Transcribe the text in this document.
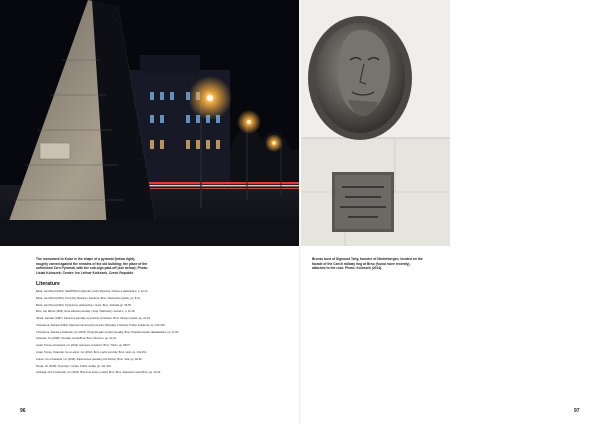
The monument to Kolar in the shape of a pyramid (below right), roughly carved against the remains of the old building; the place of the unfinished Zero Pyramid, with the sub-sign paid-off (see below); Photo: Lisiak Koleszek; Center: Ivo Leitner Koleszek, Czech Republic
Bronze bust of Sigmund Tahy, founder of Niederbergen, located on the facade of the Czech railway ring at Brno (found more recently), attached to the rock. Photo: Koleszek (2014).
Literature

Barta, Jan Mirosl (1924). Nastiff Bronzi (Zpevak z knihy Bystrice). Kultura a vlastiveda 2, p. 12-14.

Barta, Jan Mirosl (1932). Pomnicky Bystrice v literature. Brno: Vlastivedny spolek, pp. 8-15.

Barta, Jan Mirosl (1934). Pyramid ve vlastivednym zivote. Brno, Zahrada pp. 56-59.

Brno, Jan Mirosl (1939). Nove Zdenke pamatky v kraji. Vlastivedny vestnik 1, p. 12-18.

Hlinek, Jaroslav (1987). Kamenne pamatky a pyramidy na Morave. Brno: Muzejni spolek, pp. 24-31.

Charvatova, Zdenka (1994). Tajemstvi kamennych pomniku (Pamatky a historie). Praha: Academia, pp. 103-108.

Charvatova, Zdenka a Koleszek, Ivo (2003). Pyramida jako symbol pamatky. Brno: Stredoevropske nakladatelstvi, pp. 41-52.

Koleszek, Ivo (2008). Pamatky mesta Brna. Brno: Muzeum, pp. 12-19.

Lisiak, Tomas a Koleszek, Ivo (2011). Kamenne svedectvi. Brno: Tribun, pp. 88-97.

Lisiak, Tomas, Koleszek, Ivo a Leitner, Ivo (2014). Brno a jeho pomniky. Brno: Host, pp. 144-151.

Leitner, Ivo a Koleszek, Ivo (2016). Zapomenute pamatky jizni Moravy. Brno: Jota, pp. 60-66.

Novak, Jiri (2018). Pyramidy v Cesku. Praha: Grada, pp. 211-219.

Svoboda, Petr a Koleszek, Ivo (2019). Bronzove busty a reliefy Brna. Brno: Statutarni mesto Brno, pp. 33-40.

96	97
